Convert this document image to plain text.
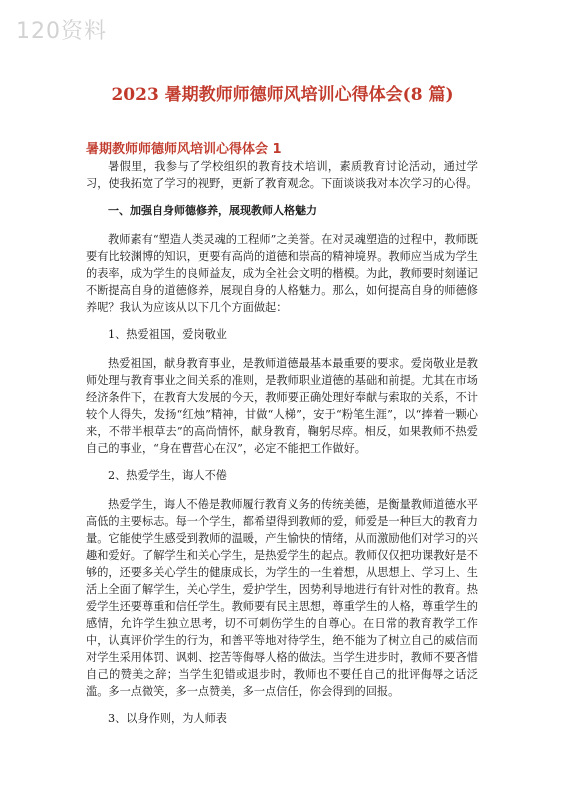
120资料
2023 暑期教师师德师风培训心得体会(8 篇)
暑期教师师德师风培训心得体会 1

暑假里，我参与了学校组织的教育技术培训，素质教育讨论活动，通过学习，使我拓宽了学习的视野，更新了教育观念。下面谈谈我对本次学习的心得。

一、加强自身师德修养，展现教师人格魅力

教师素有“塑造人类灵魂的工程师”之美誉。在对灵魂塑造的过程中，教师既要有比较渊博的知识，更要有高尚的道德和崇高的精神境界。教师应当成为学生的表率，成为学生的良师益友，成为全社会文明的楷模。为此，教师要时刻谨记不断提高自身的道德修养，展现自身的人格魅力。那么，如何提高自身的师德修养呢？我认为应该从以下几个方面做起：

1、热爱祖国，爱岗敬业

热爱祖国，献身教育事业，是教师道德最基本最重要的要求。爱岗敬业是教师处理与教育事业之间关系的准则，是教师职业道德的基础和前提。尤其在市场经济条件下，在教育大发展的今天，教师要正确处理好奉献与索取的关系，不计较个人得失，发扬“红烛”精神，甘做“人梯”，安于“粉笔生涯”，以“捧着一颗心来，不带半根草去”的高尚情怀，献身教育，鞠躬尽瘁。相反，如果教师不热爱自己的事业，“身在曹营心在汉”，必定不能把工作做好。

2、热爱学生，诲人不倦

热爱学生，诲人不倦是教师履行教育义务的传统美德，是衡量教师道德水平高低的主要标志。每一个学生，都希望得到教师的爱，师爱是一种巨大的教育力量。它能使学生感受到教师的温暖，产生愉快的情绪，从而激励他们对学习的兴趣和爱好。了解学生和关心学生，是热爱学生的起点。教师仅仅把功课教好是不够的，还要多关心学生的健康成长，为学生的一生着想，从思想上、学习上、生活上全面了解学生，关心学生，爱护学生，因势利导地进行有针对性的教育。热爱学生还要尊重和信任学生。教师要有民主思想，尊重学生的人格，尊重学生的感情，允许学生独立思考，切不可刺伤学生的自尊心。在日常的教育教学工作中，认真评价学生的行为，和善平等地对待学生，绝不能为了树立自己的威信而对学生采用体罚、讽刺、挖苦等侮辱人格的做法。当学生进步时，教师不要吝惜自己的赞美之辞；当学生犯错或退步时，教师也不要任自己的批评侮辱之话泛滥。多一点微笑，多一点赞美，多一点信任，你会得到的回报。

3、以身作则，为人师表
